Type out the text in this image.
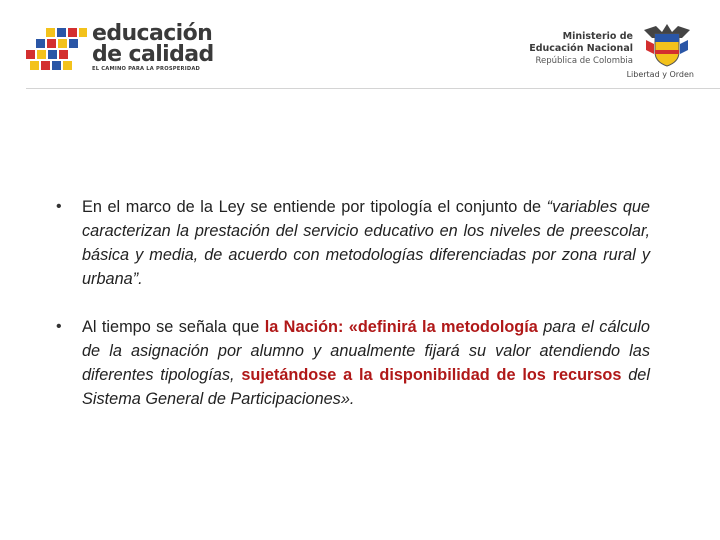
educación
de calidad
EL CAMINO PARA LA PROSPERIDAD
Ministerio de
Educación Nacional
República de Colombia
Libertad y Orden
•	En el marco de la Ley se entiende por tipología el conjunto de “variables que caracterizan la prestación del servicio educativo en los niveles de preescolar, básica y media, de acuerdo con metodologías diferenciadas por zona rural y urbana”.
•	Al tiempo se señala que la Nación: «definirá la metodología para el cálculo de la asignación por alumno y anualmente fijará su valor atendiendo las diferentes tipologías, sujetándose a la disponibilidad de los recursos del Sistema General de Participaciones».
